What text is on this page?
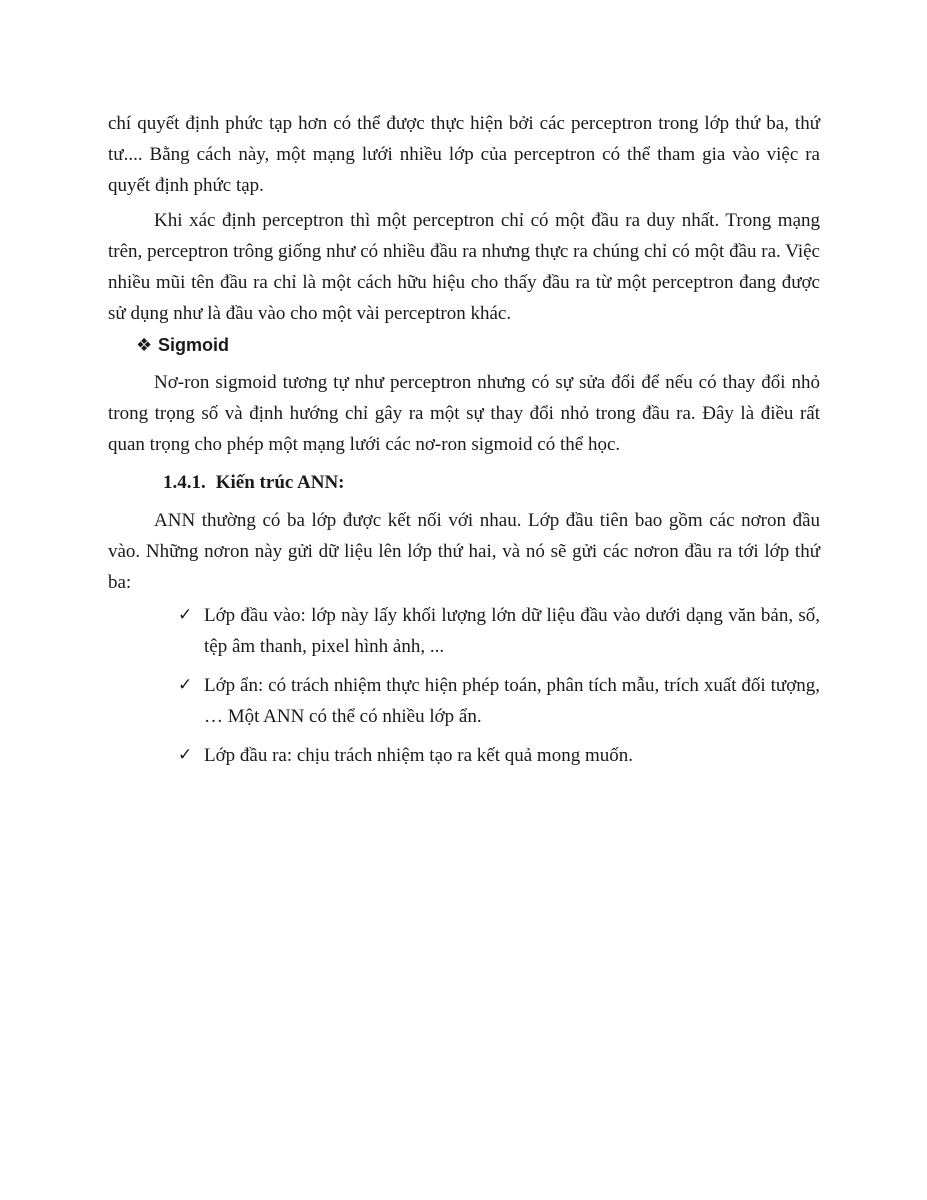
chí quyết định phức tạp hơn có thể được thực hiện bởi các perceptron trong lớp thứ ba, thứ tư.... Bằng cách này, một mạng lưới nhiều lớp của perceptron có thể tham gia vào việc ra quyết định phức tạp.

Khi xác định perceptron thì một perceptron chỉ có một đầu ra duy nhất. Trong mạng trên, perceptron trông giống như có nhiều đầu ra nhưng thực ra chúng chỉ có một đầu ra. Việc nhiều mũi tên đầu ra chỉ là một cách hữu hiệu cho thấy đầu ra từ một perceptron đang được sử dụng như là đầu vào cho một vài perceptron khác.

❖ Sigmoid

Nơ-ron sigmoid tương tự như perceptron nhưng có sự sửa đổi để nếu có thay đổi nhỏ trong trọng số và định hướng chỉ gây ra một sự thay đổi nhỏ trong đầu ra. Đây là điều rất quan trọng cho phép một mạng lưới các nơ-ron sigmoid có thể học.

1.4.1. Kiến trúc ANN:

ANN thường có ba lớp được kết nối với nhau. Lớp đầu tiên bao gồm các nơron đầu vào. Những nơron này gửi dữ liệu lên lớp thứ hai, và nó sẽ gửi các nơron đầu ra tới lớp thứ ba:

✓ Lớp đầu vào: lớp này lấy khối lượng lớn dữ liệu đầu vào dưới dạng văn bản, số, tệp âm thanh, pixel hình ảnh, ...
✓ Lớp ẩn: có trách nhiệm thực hiện phép toán, phân tích mẫu, trích xuất đối tượng, … Một ANN có thể có nhiều lớp ẩn.
✓ Lớp đầu ra: chịu trách nhiệm tạo ra kết quả mong muốn.
